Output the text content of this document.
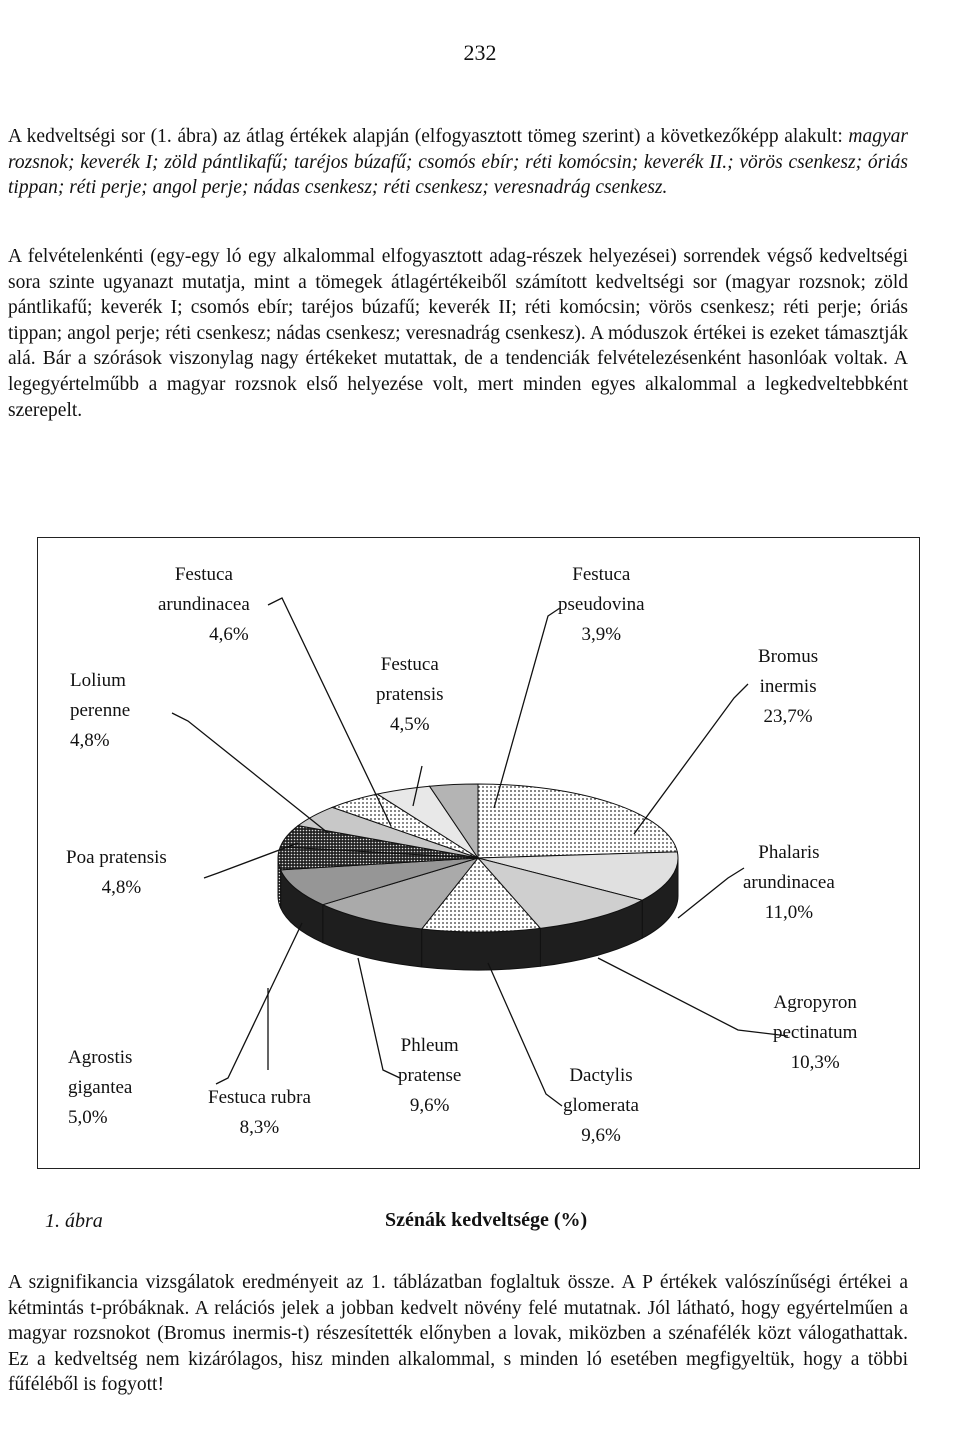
232

A kedveltségi sor (1. ábra) az átlag értékek alapján (elfogyasztott tömeg szerint) a következőképp alakult: magyar rozsnok; keverék I; zöld pántlikafű; taréjos búzafű; csomós ebír; réti komócsin; keverék II.; vörös csenkesz; óriás tippan; réti perje; angol perje; nádas csenkesz; réti csenkesz; veresnadrág csenkesz.

A felvételenkénti (egy-egy ló egy alkalommal elfogyasztott adag-részek helyezései) sorrendek végső kedveltségi sora szinte ugyanazt mutatja, mint a tömegek átlagértékeiből számított kedveltségi sor (magyar rozsnok; zöld pántlikafű; keverék I; csomós ebír; taréjos búzafű; keverék II; réti komócsin; vörös csenkesz; réti perje; óriás tippan; angol perje; réti csenkesz; nádas csenkesz; veresnadrág csenkesz). A móduszok értékei is ezeket támasztják alá. Bár a szórások viszonylag nagy értékeket mutattak, de a tendenciák felvételezésenként hasonlóak voltak. A legegyértelműbb a magyar rozsnok első helyezése volt, mert minden egyes alkalommal a legkedveltebbként szerepelt.

Festuca
arundinacea
4,6%
Festuca
pseudovina
3,9%
Festuca
pratensis
4,5%
Lolium
perenne
4,8%
Bromus
inermis
23,7%
Poa pratensis
4,8%
Phalaris
arundinacea
11,0%
Agropyron
pectinatum
10,3%
Agrostis
gigantea
5,0%
Festuca rubra
8,3%
Phleum
pratense
9,6%
Dactylis
glomerata
9,6%
1. ábra	Szénák kedveltsége (%)

A szignifikancia vizsgálatok eredményeit az 1. táblázatban foglaltuk össze. A P értékek valószínűségi értékei a kétmintás t-próbáknak. A relációs jelek a jobban kedvelt növény felé mutatnak. Jól látható, hogy egyértelműen a magyar rozsnokot (Bromus inermis-t) részesítették előnyben a lovak, miközben a szénafélék közt válogathattak. Ez a kedveltség nem kizárólagos, hisz minden alkalommal, s minden ló esetében megfigyeltük, hogy a többi fűféléből is fogyott!
